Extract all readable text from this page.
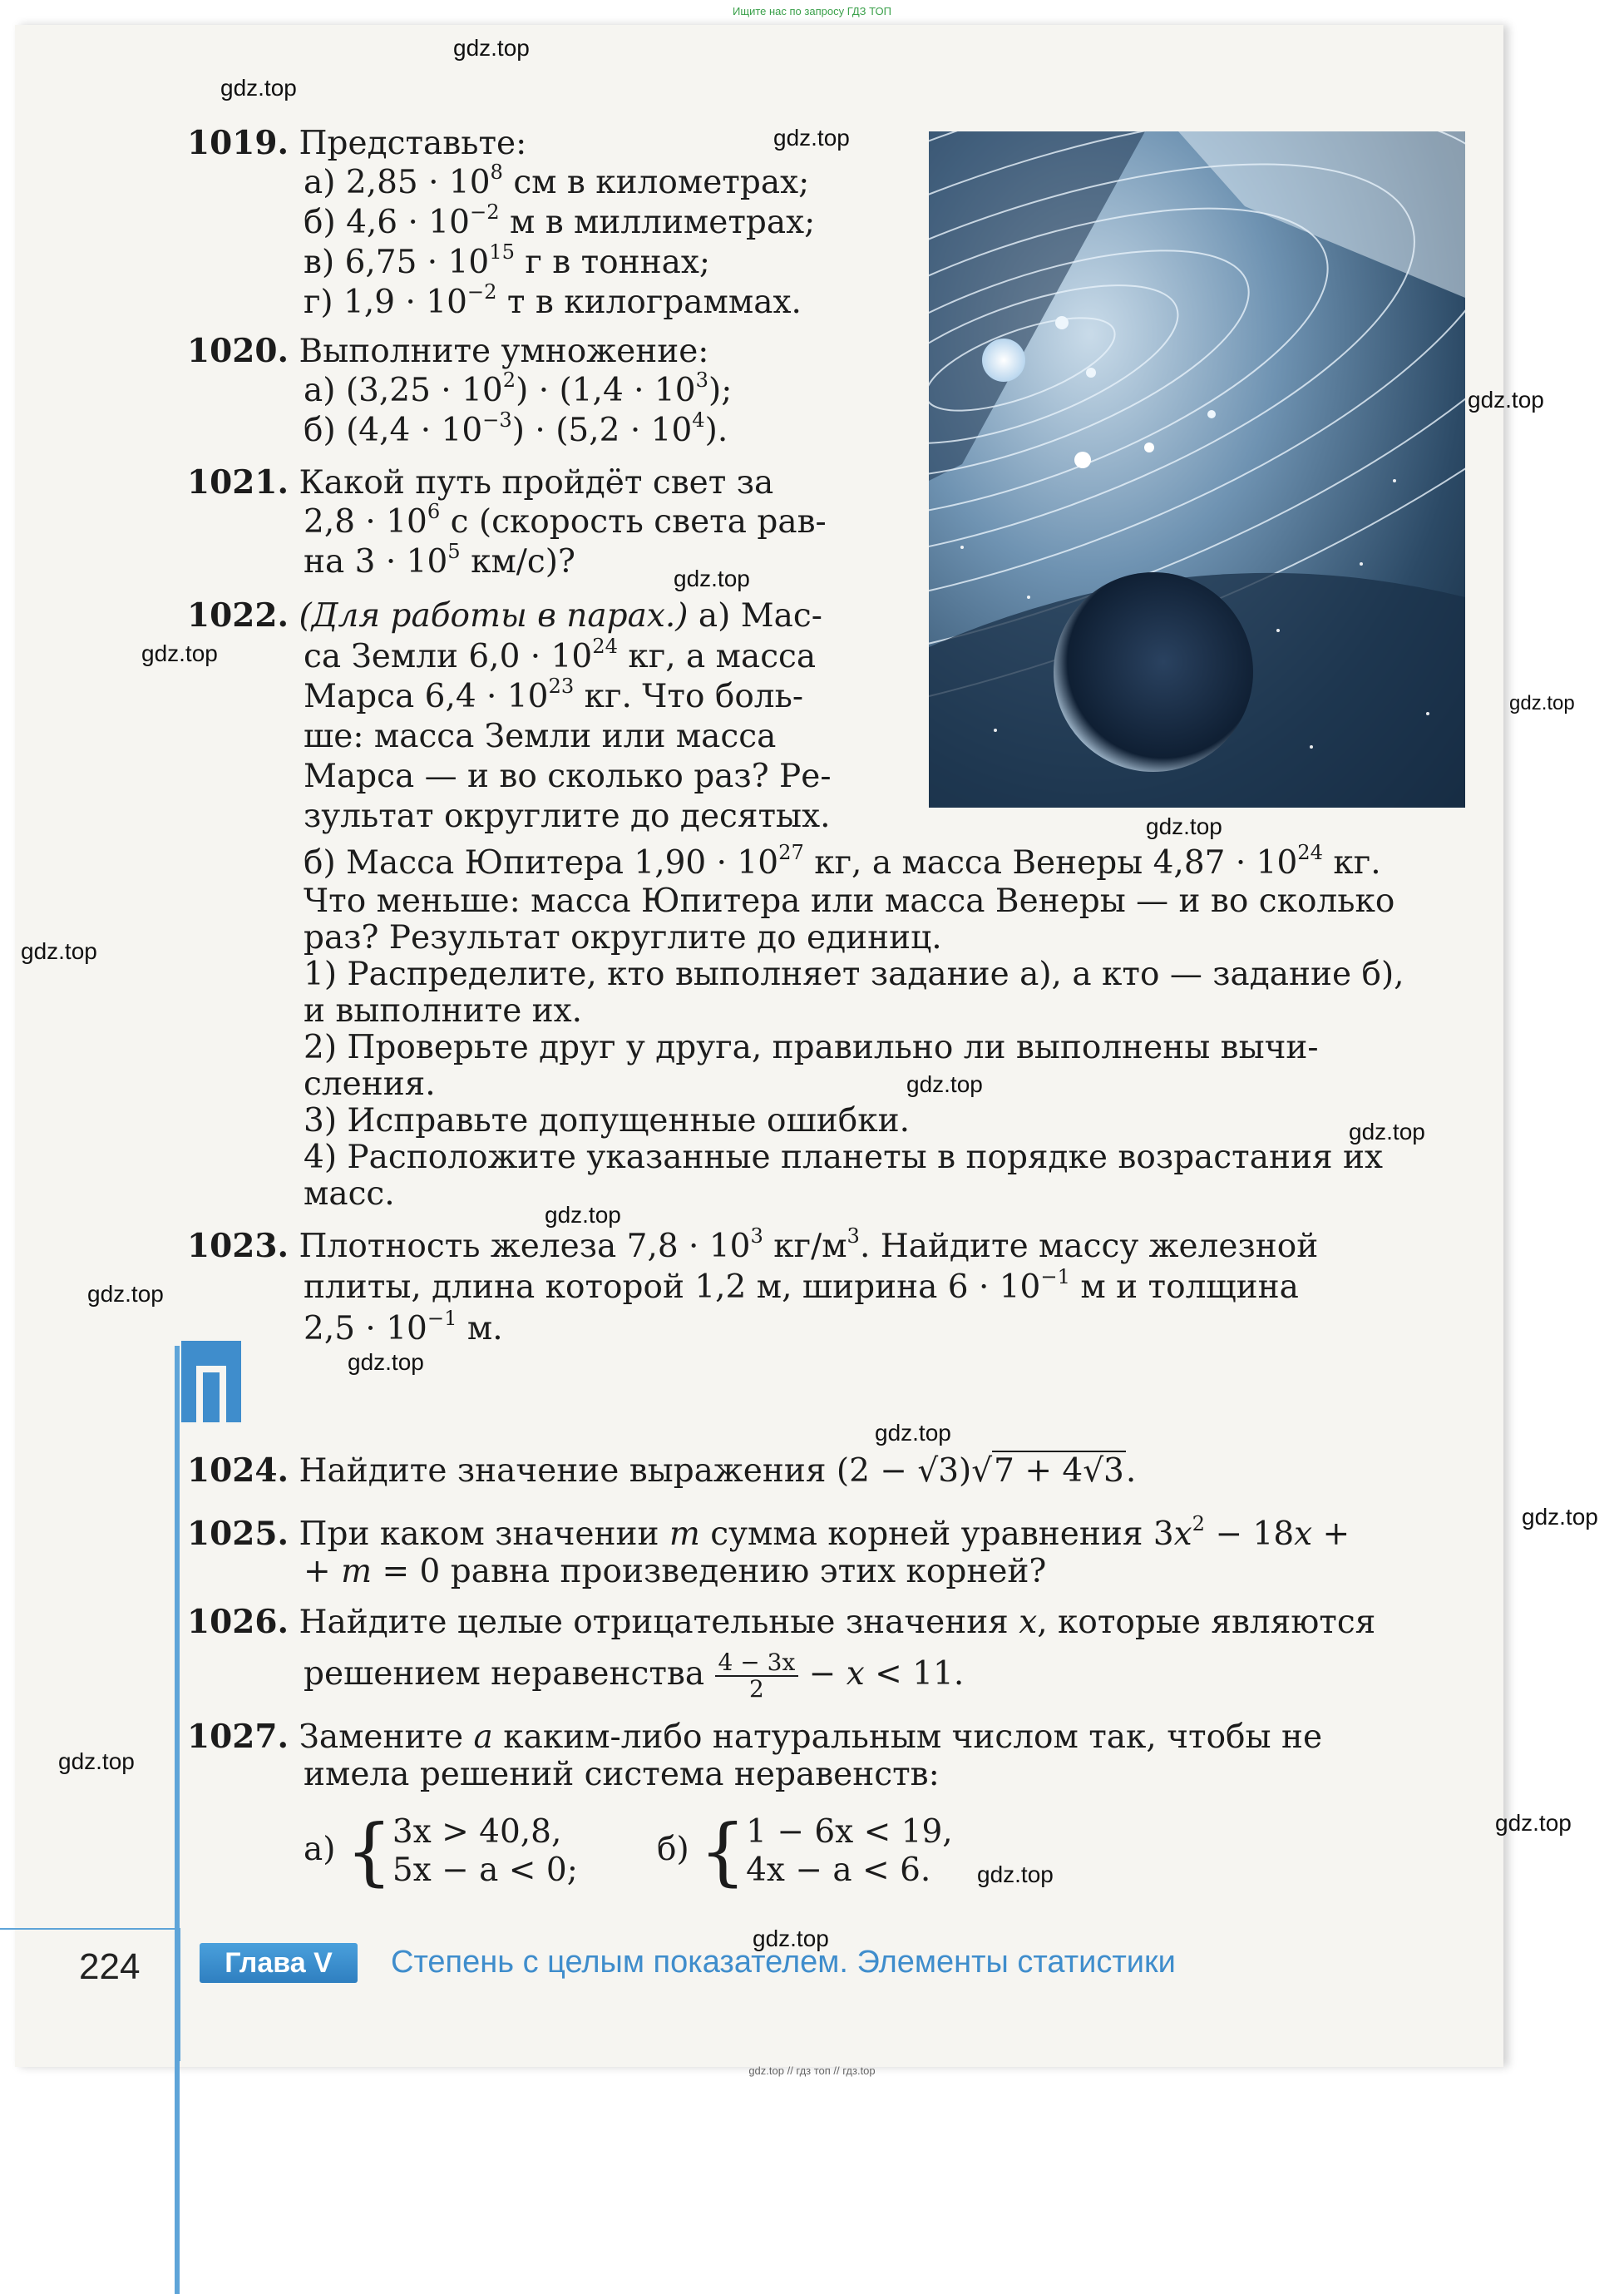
Ищите нас по запросу ГДЗ ТОП
1019. Представьте:
а) $2,85 \cdot 10^8$ см в километрах;
б) $4,6 \cdot 10^{-2}$ м в миллиметрах;
в) $6,75 \cdot 10^{15}$ г в тоннах;
г) $1,9 \cdot 10^{-2}$ т в килограммах.
1020. Выполните умножение:
а) $(3,25 \cdot 10^2) \cdot (1,4 \cdot 10^3)$;
б) $(4,4 \cdot 10^{-3}) \cdot (5,2 \cdot 10^4)$.
1021. Какой путь пройдёт свет за
$2,8 \cdot 10^6$ с (скорость света рав-
на $3 \cdot 10^5$ км/с)?
1022. (Для работы в парах.) а) Мас-
са Земли $6,0 \cdot 10^{24}$ кг, а масса
Марса $6,4 \cdot 10^{23}$ кг. Что боль-
ше: масса Земли или масса
Марса — и во сколько раз? Ре-
зультат округлите до десятых.
б) Масса Юпитера $1,90 \cdot 10^{27}$ кг, а масса Венеры $4,87 \cdot 10^{24}$ кг.
Что меньше: масса Юпитера или масса Венеры — и во сколько
раз? Результат округлите до единиц.
1) Распределите, кто выполняет задание а), а кто — задание б),
и выполните их.
2) Проверьте друг у друга, правильно ли выполнены вычи-
сления.
3) Исправьте допущенные ошибки.
4) Расположите указанные планеты в порядке возрастания их
масс.
1023. Плотность железа $7,8 \cdot 10^3$ $кг/м^3$. Найдите массу железной
плиты, длина которой 1,2 м, ширина $6 \cdot 10^{-1}$ м и толщина
$2,5 \cdot 10^{-1}$ м.
1024. Найдите значение выражения (2 − √3)√7 + 4√3.
1025. При каком значении m сумма корней уравнения $3x^2 - 18x$ +
+ m = 0 равна произведению этих корней?
1026. Найдите целые отрицательные значения x, которые являются
решением неравенства $\frac{4 - 3x}{2} - x < 11$.
1027. Замените a каким-либо натуральным числом так, чтобы не
имела решений система неравенств:
а) {3x > 40,8,
5x − a < 0;
б) {1 − 6x < 19,
4x − a < 6.
224	Глава V	Степень с целым показателем. Элементы статистики
gdz.top
gdz.top
gdz.top
gdz.top
gdz.top
gdz.top
gdz.top
gdz.top
gdz.top
gdz.top
gdz.top
gdz.top
gdz.top
gdz.top
gdz.top
gdz.top
gdz.top
gdz.top
gdz.top
gdz.top
gdz.top // гдз топ // гдз.top
